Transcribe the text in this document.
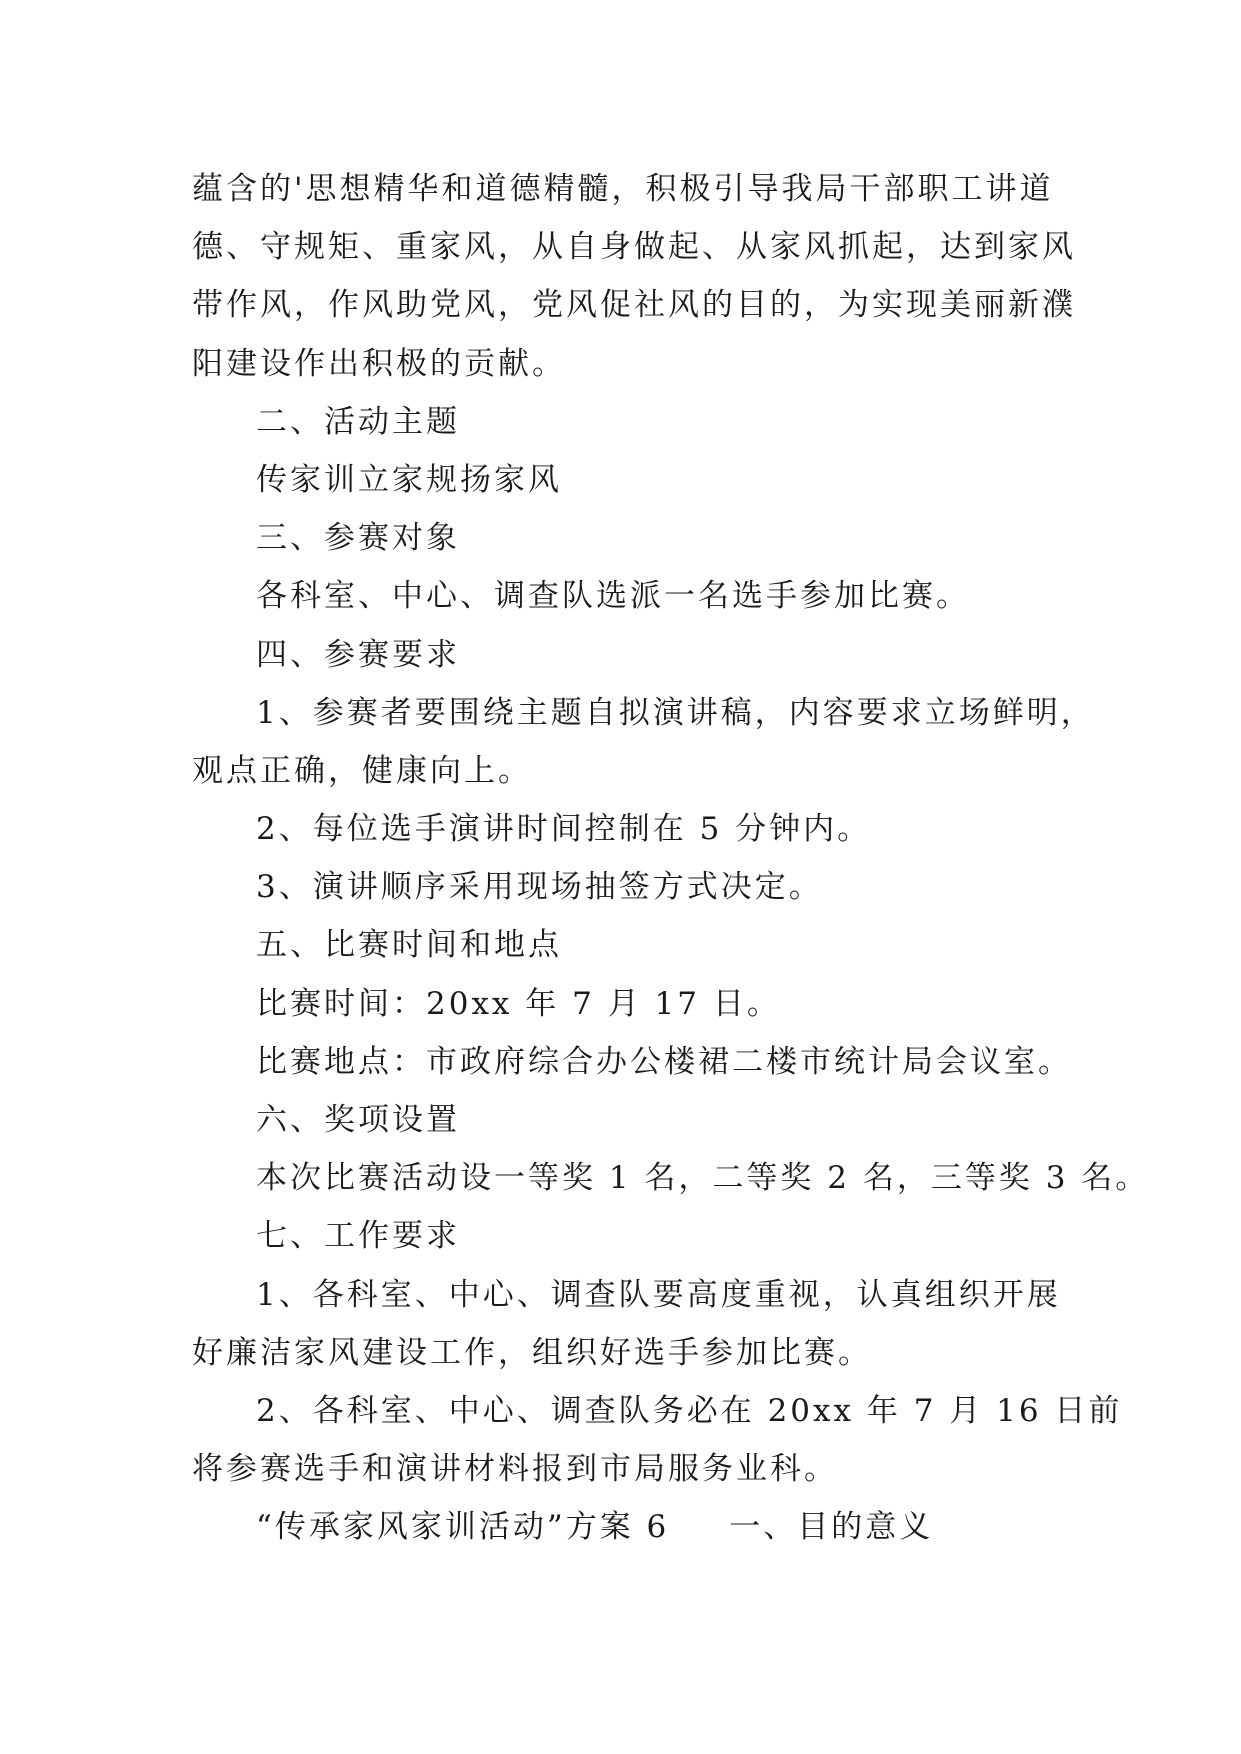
蕴含的'思想精华和道德精髓，积极引导我局干部职工讲道
德、守规矩、重家风，从自身做起、从家风抓起，达到家风
带作风，作风助党风，党风促社风的目的，为实现美丽新濮
阳建设作出积极的贡献。
二、活动主题
传家训立家规扬家风
三、参赛对象
各科室、中心、调查队选派一名选手参加比赛。
四、参赛要求
1、参赛者要围绕主题自拟演讲稿，内容要求立场鲜明，
观点正确，健康向上。
2、每位选手演讲时间控制在 5 分钟内。
3、演讲顺序采用现场抽签方式决定。
五、比赛时间和地点
比赛时间：20xx 年 7 月 17 日。
比赛地点：市政府综合办公楼裙二楼市统计局会议室。
六、奖项设置
本次比赛活动设一等奖 1 名，二等奖 2 名，三等奖 3 名。
七、工作要求
1、各科室、中心、调查队要高度重视，认真组织开展
好廉洁家风建设工作，组织好选手参加比赛。
2、各科室、中心、调查队务必在 20xx 年 7 月 16 日前
将参赛选手和演讲材料报到市局服务业科。
“传承家风家训活动”方案 6 一、目的意义
